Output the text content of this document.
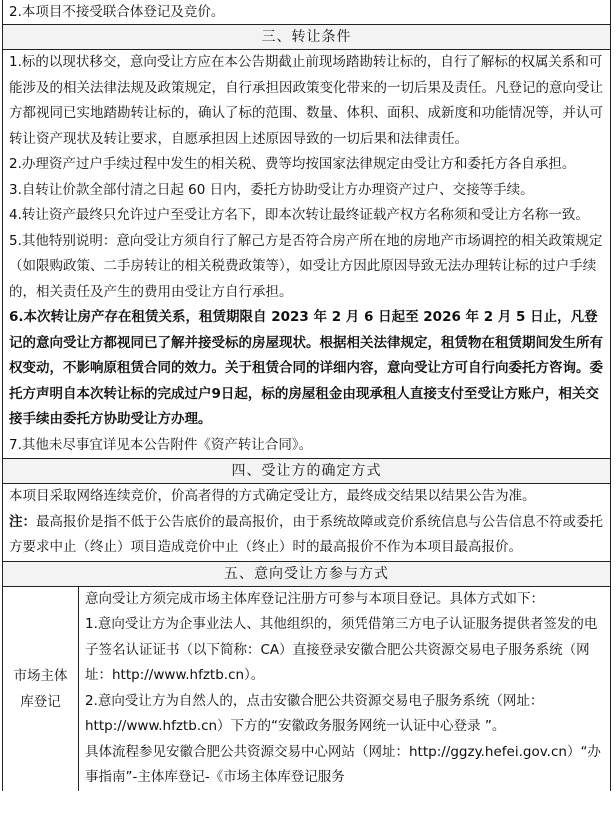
2.本项目不接受联合体登记及竞价。
三、转让条件

1.标的以现状移交，意向受让方应在本公告期截止前现场踏勘转让标的，自行了解标的权属关系和可能涉及的相关法律法规及政策规定，自行承担因政策变化带来的一切后果及责任。凡登记的意向受让方都视同已实地踏勘转让标的，确认了标的范围、数量、体积、面积、成新度和功能情况等，并认可转让资产现状及转让要求，自愿承担因上述原因导致的一切后果和法律责任。

2.办理资产过户手续过程中发生的相关税、费等均按国家法律规定由受让方和委托方各自承担。

3.自转让价款全部付清之日起 60 日内，委托方协助受让方办理资产过户、交接等手续。

4.转让资产最终只允许过户至受让方名下，即本次转让最终证载产权方名称须和受让方名称一致。

5.其他特别说明：意向受让方须自行了解己方是否符合房产所在地的房地产市场调控的相关政策规定（如限购政策、二手房转让的相关税费政策等），如受让方因此原因导致无法办理转让标的过户手续的，相关责任及产生的费用由受让方自行承担。

6.本次转让房产存在租赁关系，租赁期限自 2023 年 2 月 6 日起至 2026 年 2 月 5 日止，凡登记的意向受让方都视同已了解并接受标的房屋现状。根据相关法律规定，租赁物在租赁期间发生所有权变动，不影响原租赁合同的效力。关于租赁合同的详细内容，意向受让方可自行向委托方咨询。委托方声明自本次转让标的完成过户9日起，标的房屋租金由现承租人直接支付至受让方账户，相关交接手续由委托方协助受让方办理。

7.其他未尽事宜详见本公告附件《资产转让合同》。

四、受让方的确定方式

本项目采取网络连续竞价，价高者得的方式确定受让方，最终成交结果以结果公告为准。

注：最高报价是指不低于公告底价的最高报价，由于系统故障或竞价系统信息与公告信息不符或委托方要求中止（终止）项目造成竞价中止（终止）时的最高报价不作为本项目最高报价。

五、意向受让方参与方式
市场主体库登记

意向受让方须完成市场主体库登记注册方可参与本项目登记。具体方式如下：

1.意向受让方为企事业法人、其他组织的，须凭借第三方电子认证服务提供者签发的电子签名认证证书（以下简称：CA）直接登录安徽合肥公共资源交易电子服务系统（网址：http://www.hfztb.cn）。

2.意向受让方为自然人的，点击安徽合肥公共资源交易电子服务系统（网址：http://www.hfztb.cn）下方的“安徽政务服务网统一认证中心登录 ”。

具体流程参见安徽合肥公共资源交易中心网站（网址：http://ggzy.hefei.gov.cn）“办事指南”-主体库登记-《市场主体库登记服务
